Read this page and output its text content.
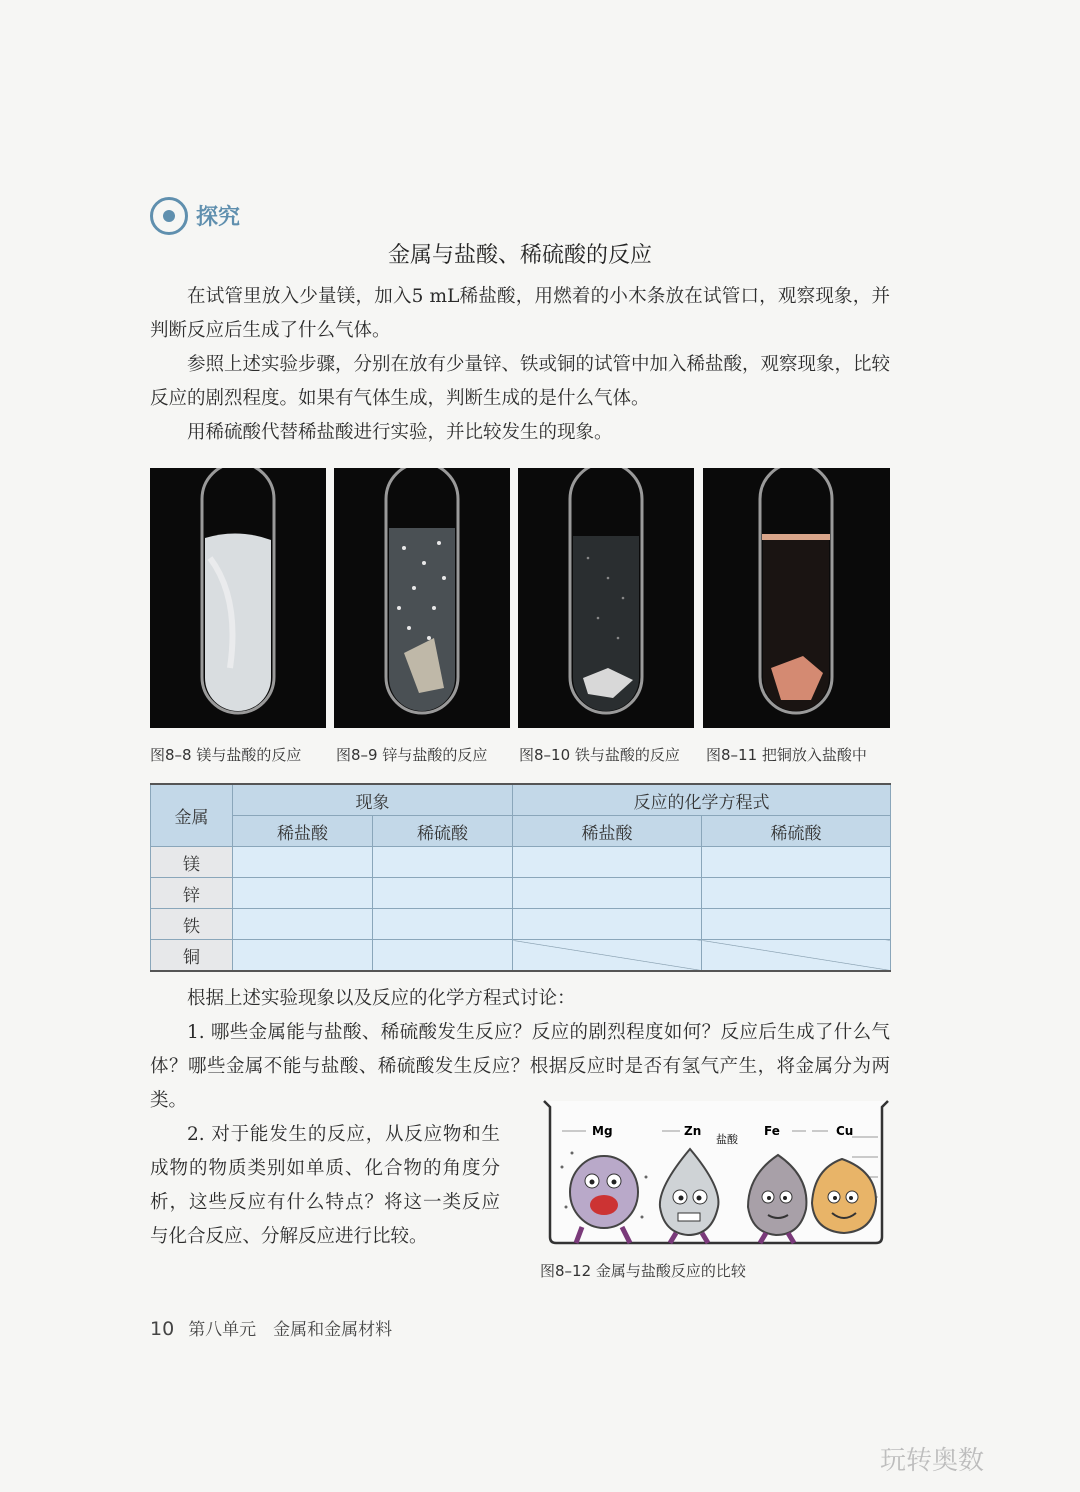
探究
金属与盐酸、稀硫酸的反应

在试管里放入少量镁，加入5 mL稀盐酸，用燃着的小木条放在试管口，观察现象，并判断反应后生成了什么气体。

参照上述实验步骤，分别在放有少量锌、铁或铜的试管中加入稀盐酸，观察现象，比较反应的剧烈程度。如果有气体生成，判断生成的是什么气体。

用稀硫酸代替稀盐酸进行实验，并比较发生的现象。

图8–8 镁与盐酸的反应 图8–9 锌与盐酸的反应 图8–10 铁与盐酸的反应 图8–11 把铜放入盐酸中
金属	现象		反应的化学方程式	
	稀盐酸	稀硫酸	稀盐酸	稀硫酸
镁				
锌				
铁				
铜				

根据上述实验现象以及反应的化学方程式讨论：

1. 哪些金属能与盐酸、稀硫酸发生反应？反应的剧烈程度如何？反应后生成了什么气体？哪些金属不能与盐酸、稀硫酸发生反应？根据反应时是否有氢气产生，将金属分为两类。

2. 对于能发生的反应，从反应物和生成物的物质类别如单质、化合物的角度分析，这些反应有什么特点？将这一类反应与化合反应、分解反应进行比较。

Mg	Zn
盐酸
Fe	Cu
图8–12 金属与盐酸反应的比较
10 第八单元　金属和金属材料
玩转奥数
